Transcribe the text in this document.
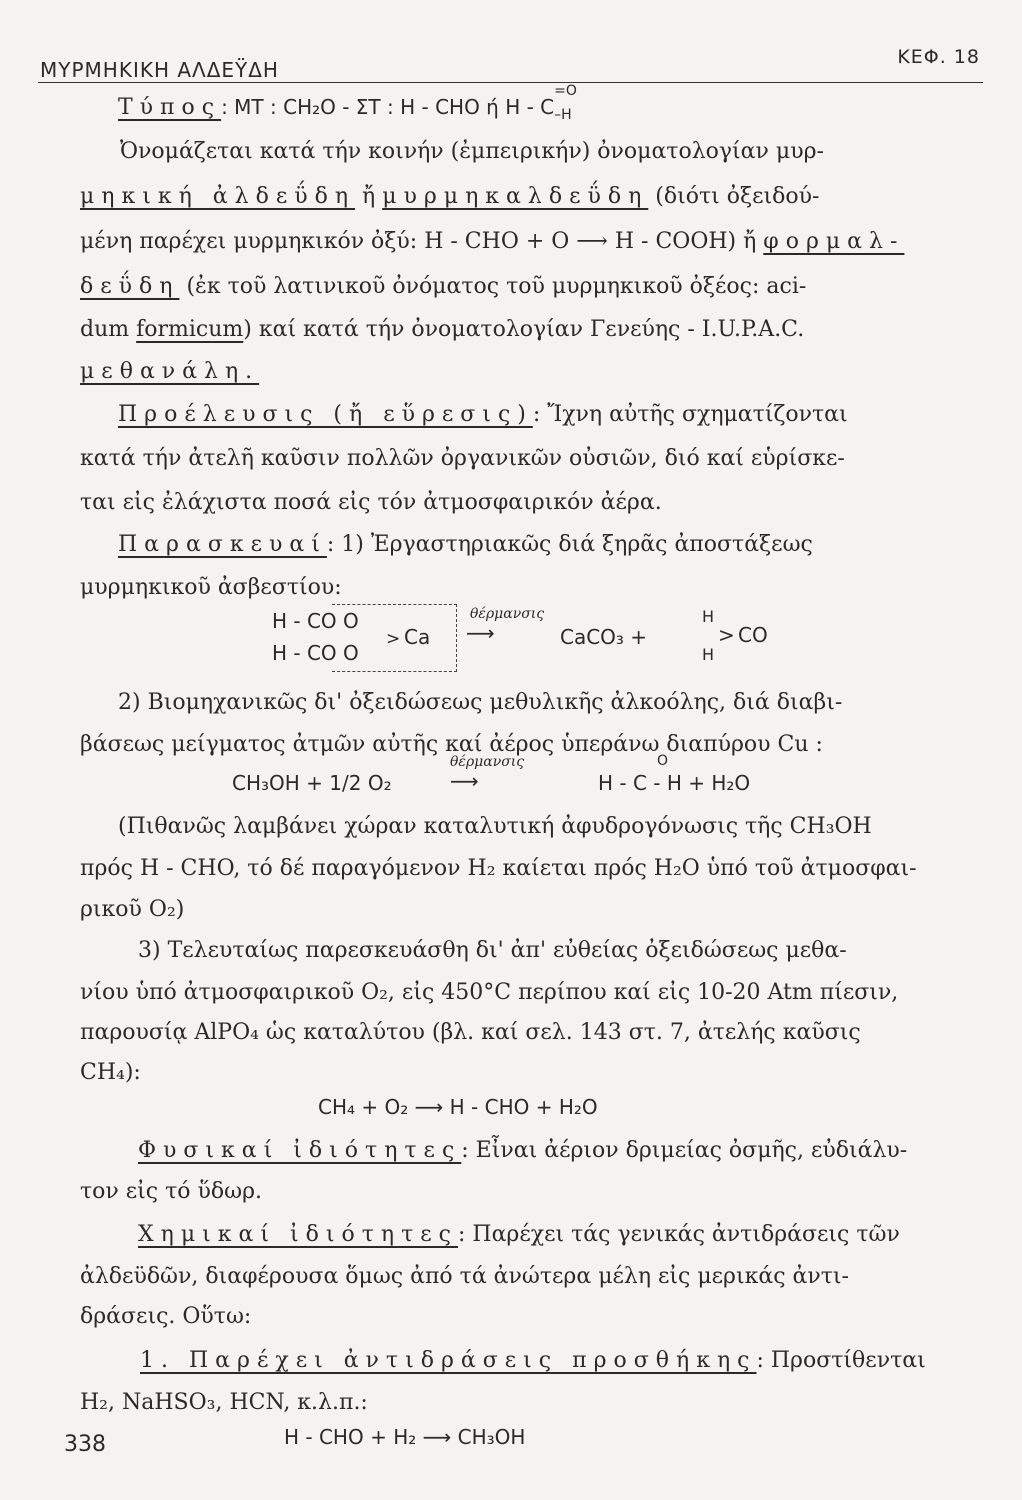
ΜΥΡΜΗΚΙΚΗ ΑΛΔΕΫΔΗ
ΚΕΦ. 18
Τύπος: ΜΤ : CH₂O - ΣΤ : H - CHO ή H - C
=O
–H
Ὀνομάζεται κατά τήν κοινήν (ἐμπειρικήν) ὀνοματολογίαν μυρ-
μηκική ἀλδεΰδη ἤ μυρμηκαλδεΰδη (διότι ὀξειδού-
μένη παρέχει μυρμηκικόν ὀξύ: H - CHO + O ⟶ H - COOH) ἤ φορμαλ-
δεΰδη (ἐκ τοῦ λατινικοῦ ὀνόματος τοῦ μυρμηκικοῦ ὀξέος: aci-
dum formicum) καί κατά τήν ὀνοματολογίαν Γενεύης - I.U.P.A.C.
μεθανάλη.
Προέλευσις (ἤ εὕρεσις): Ἴχνη αὐτῆς σχηματίζονται
κατά τήν ἀτελῆ καῦσιν πολλῶν ὀργανικῶν οὐσιῶν, διό καί εὑρίσκε-
ται εἰς ἐλάχιστα ποσά εἰς τόν ἀτμοσφαιρικόν ἀέρα.
Παρασκευαί: 1) Ἐργαστηριακῶς διά ξηρᾶς ἀποστάξεως
μυρμηκικοῦ ἀσβεστίου:
H - CO O
H - CO O
> Ca
θέρμανσις
⟶	CaCO₃ +
H
H
> CO
2) Βιομηχανικῶς δι' ὀξειδώσεως μεθυλικῆς ἀλκοόλης, διά διαβι-
βάσεως μείγματος ἀτμῶν αὐτῆς καί ἀέρος ὑπεράνω διαπύρου Cu :
CH₃OH + 1/2 O₂
θέρμανσις
⟶	H - C - H + H₂O
O
(Πιθανῶς λαμβάνει χώραν καταλυτική ἀφυδρογόνωσις τῆς CH₃OH
πρός H - CHO, τό δέ παραγόμενον H₂ καίεται πρός H₂O ὑπό τοῦ ἀτμοσφαι-
ρικοῦ O₂)
3) Τελευταίως παρεσκευάσθη δι' ἀπ' εὐθείας ὀξειδώσεως μεθα-
νίου ὑπό ἀτμοσφαιρικοῦ O₂, εἰς 450°C περίπου καί εἰς 10-20 Atm πίεσιν,
παρουσίᾳ AlPO₄ ὡς καταλύτου (βλ. καί σελ. 143 στ. 7, ἀτελής καῦσις
CH₄):
CH₄ + O₂ ⟶ H - CHO + H₂O
Φυσικαί ἰδιότητες: Εἶναι ἀέριον δριμείας ὀσμῆς, εὐδιάλυ-
τον εἰς τό ὕδωρ.
Χημικαί ἰδιότητες: Παρέχει τάς γενικάς ἀντιδράσεις τῶν
ἀλδεϋδῶν, διαφέρουσα ὅμως ἀπό τά ἀνώτερα μέλη εἰς μερικάς ἀντι-
δράσεις. Οὕτω:
1. Παρέχει ἀντιδράσεις προσθήκης: Προστίθενται
H₂, NaHSO₃, HCN, κ.λ.π.:
H - CHO + H₂ ⟶ CH₃OH
338
